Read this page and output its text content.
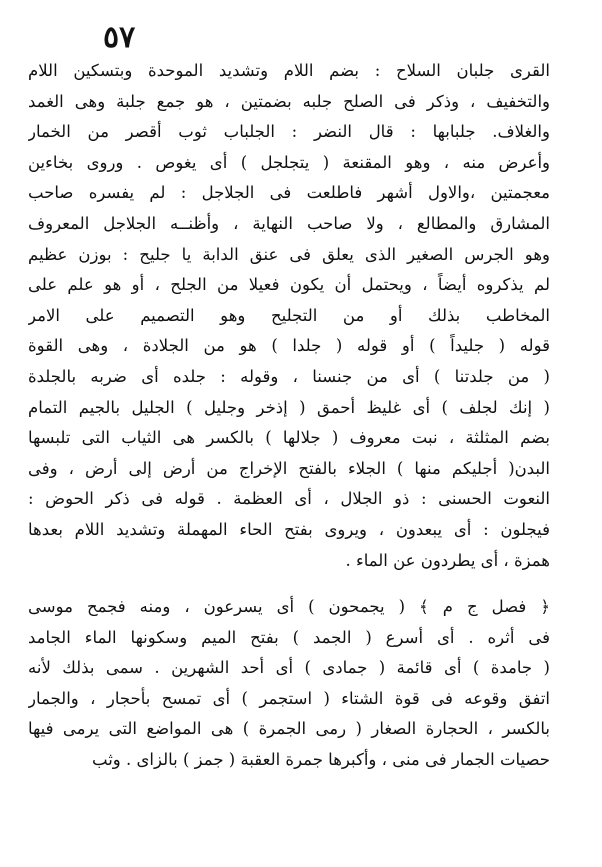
٥٧
القرى جلبان السلاح : بضم اللام وتشديد الموحدة وبتسكين اللام
والتخفيف ، وذكر فى الصلح جلبه بضمتين ، هو جمع جلبة وهى الغمد
والغلاف. جلبابها : قال النضر : الجلباب ثوب أقصر من الخمار
وأعرض منه ، وهو المقنعة ( يتجلجل ) أى يغوص . وروى بخاءين
معجمتين ،والاول أشهر فاطلعت فى الجلاجل : لم يفسره صاحب
المشارق والمطالع ، ولا صاحب النهاية ، وأظنــه الجلاجل المعروف
وهو الجرس الصغير الذى يعلق فى عنق الدابة يا جليح : بوزن عظيم
لم يذكروه أيضاً ، ويحتمل أن يكون فعيلا من الجلح ، أو هو علم على
المخاطب بذلك أو من التجليح وهو التصميم على الامر
قوله ( جليداً ) أو قوله ( جلدا ) هو من الجلادة ، وهى القوة
( من جلدتنا ) أى من جنسنا ، وقوله : جلده أى ضربه بالجلدة
( إنك لجلف ) أى غليظ أحمق ( إذخر وجليل ) الجليل بالجيم التمام
بضم المثلثة ، نبت معروف ( جلالها ) بالكسر هى الثياب التى تلبسها
البدن( أجليكم منها ) الجلاء بالفتح الإخراج من أرض إلى أرض ، وفى
النعوت الحسنى : ذو الجلال ، أى العظمة . قوله فى ذكر الحوض :
فيجلون : أى يبعدون ، ويروى بفتح الحاء المهملة وتشديد اللام بعدها
همزة ، أى يطردون عن الماء .
﴿ فصل ج م ﴾ ( يجمحون ) أى يسرعون ، ومنه فجمح موسى
فى أثره . أى أسرع ( الجمد ) بفتح الميم وسكونها الماء الجامد
( جامدة ) أى قائمة ( جمادى ) أى أحد الشهرين . سمى بذلك لأنه
اتفق وقوعه فى قوة الشتاء ( استجمر ) أى تمسح بأحجار ، والجمار
بالكسر ، الحجارة الصغار ( رمى الجمرة ) هى المواضع التى يرمى فيها
حصيات الجمار فى منى ، وأكبرها جمرة العقبة ( جمز ) بالزاى . وثب
